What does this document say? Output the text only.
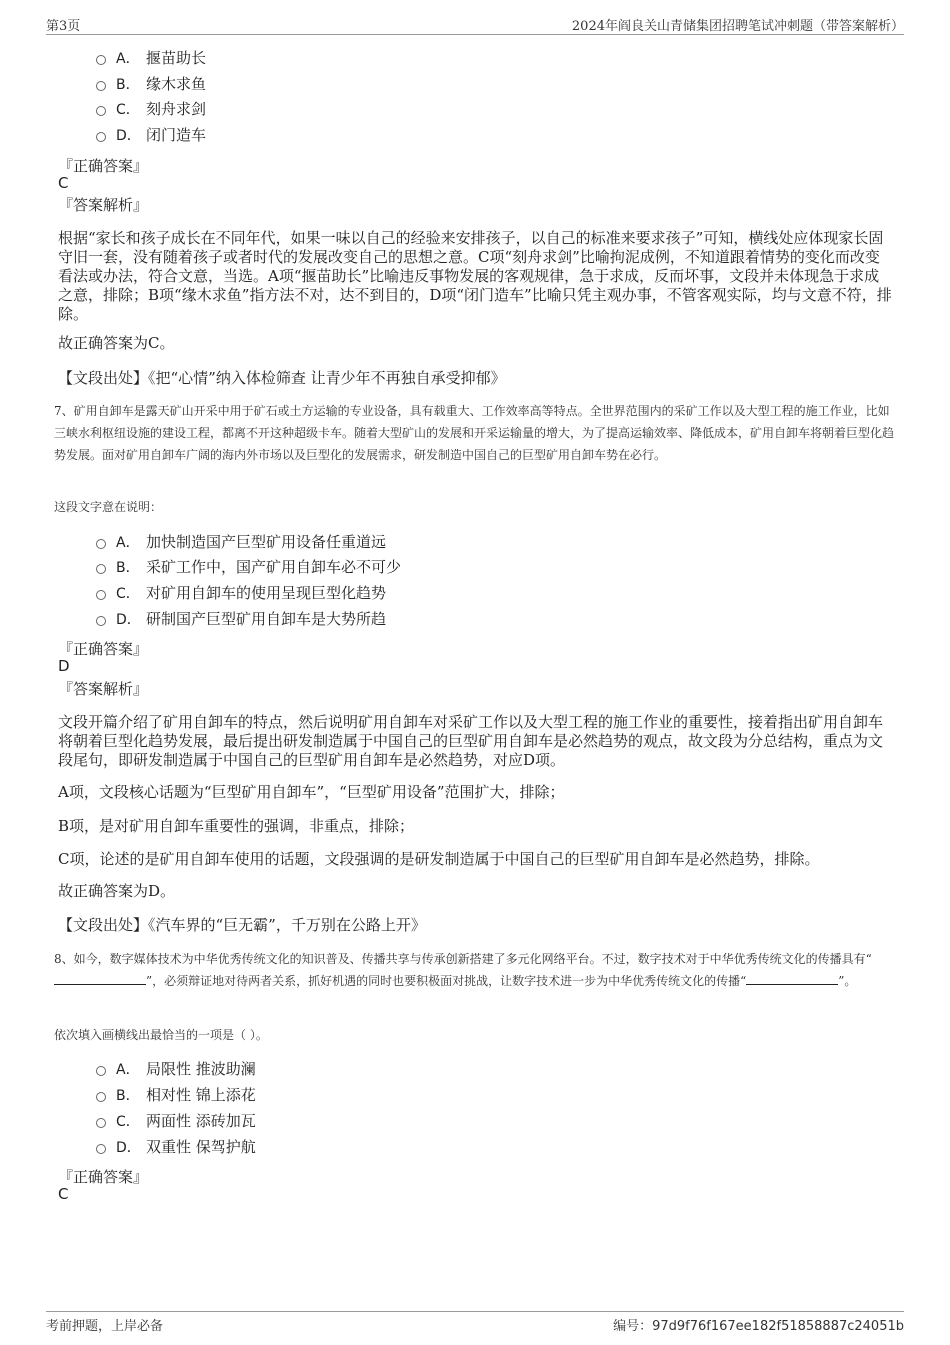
第3页	2024年阎良关山青储集团招聘笔试冲刺题（带答案解析）
A． 揠苗助长
B． 缘木求鱼
C． 刻舟求剑
D． 闭门造车
『正确答案』
C
『答案解析』
根据“家长和孩子成长在不同年代，如果一味以自己的经验来安排孩子，以自己的标准来要求孩子”可知，横线处应体现家长固守旧一套，没有随着孩子或者时代的发展改变自己的思想之意。C项“刻舟求剑”比喻拘泥成例，不知道跟着情势的变化而改变看法或办法，符合文意，当选。A项“揠苗助长”比喻违反事物发展的客观规律，急于求成，反而坏事，文段并未体现急于求成之意，排除；B项“缘木求鱼”指方法不对，达不到目的，D项“闭门造车”比喻只凭主观办事，不管客观实际，均与文意不符，排除。
故正确答案为C。
【文段出处】《把“心情”纳入体检筛查 让青少年不再独自承受抑郁》
7、矿用自卸车是露天矿山开采中用于矿石或土方运输的专业设备，具有载重大、工作效率高等特点。全世界范围内的采矿工作以及大型工程的施工作业，比如三峡水利枢纽设施的建设工程，都离不开这种超级卡车。随着大型矿山的发展和开采运输量的增大，为了提高运输效率、降低成本，矿用自卸车将朝着巨型化趋势发展。面对矿用自卸车广阔的海内外市场以及巨型化的发展需求，研发制造中国自己的巨型矿用自卸车势在必行。
这段文字意在说明：
A． 加快制造国产巨型矿用设备任重道远
B． 采矿工作中，国产矿用自卸车必不可少
C． 对矿用自卸车的使用呈现巨型化趋势
D． 研制国产巨型矿用自卸车是大势所趋
『正确答案』
D
『答案解析』
文段开篇介绍了矿用自卸车的特点，然后说明矿用自卸车对采矿工作以及大型工程的施工作业的重要性，接着指出矿用自卸车将朝着巨型化趋势发展，最后提出研发制造属于中国自己的巨型矿用自卸车是必然趋势的观点，故文段为分总结构，重点为文段尾句，即研发制造属于中国自己的巨型矿用自卸车是必然趋势，对应D项。
A项，文段核心话题为“巨型矿用自卸车”，“巨型矿用设备”范围扩大，排除；
B项，是对矿用自卸车重要性的强调，非重点，排除；
C项，论述的是矿用自卸车使用的话题，文段强调的是研发制造属于中国自己的巨型矿用自卸车是必然趋势，排除。
故正确答案为D。
【文段出处】《汽车界的“巨无霸”，千万别在公路上开》
8、如今，数字媒体技术为中华优秀传统文化的知识普及、传播共享与传承创新搭建了多元化网络平台。不过，数字技术对于中华优秀传统文化的传播具有“”，必须辩证地对待两者关系，抓好机遇的同时也要积极面对挑战，让数字技术进一步为中华优秀传统文化的传播“	”。
依次填入画横线出最恰当的一项是（ ）。
A． 局限性 推波助澜
B． 相对性 锦上添花
C． 两面性 添砖加瓦
D． 双重性 保驾护航
『正确答案』
C
考前押题，上岸必备	编号：97d9f76f167ee182f51858887c24051b
